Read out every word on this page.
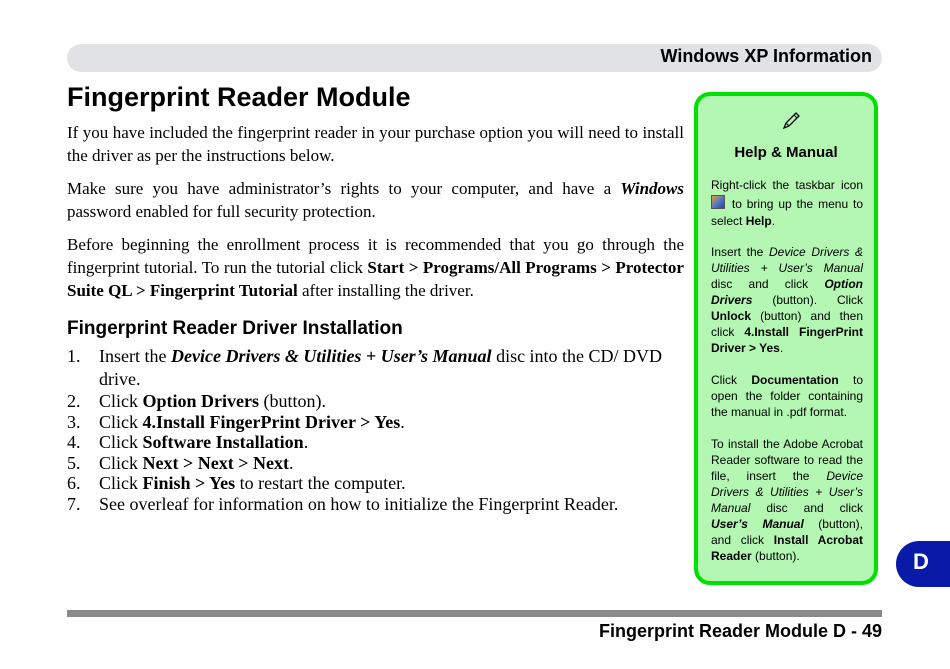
Windows XP Information
Fingerprint Reader Module

If you have included the fingerprint reader in your purchase option you will need to install the driver as per the instructions below.

Make sure you have administrator’s rights to your computer, and have a Windows password enabled for full security protection.

Before beginning the enrollment process it is recommended that you go through the fingerprint tutorial. To run the tutorial click Start > Programs/All Programs > Protector Suite QL > Fingerprint Tutorial after installing the driver.

Fingerprint Reader Driver Installation
1. Insert the Device Drivers & Utilities + User’s Manual disc into the CD/ DVD drive.
2. Click Option Drivers (button).
3. Click 4.Install FingerPrint Driver > Yes.
4. Click Software Installation.
5. Click Next > Next > Next.
6. Click Finish > Yes to restart the computer.
7. See overleaf for information on how to initialize the Fingerprint Reader.
Help & Manual

Right-click the taskbar icon  to bring up the menu to select Help.

Insert the Device Drivers & Utilities + User’s Manual disc and click Option Drivers (button). Click Unlock (button) and then click 4.Install FingerPrint Driver > Yes.

Click Documentation to open the folder containing the manual in .pdf format.

To install the Adobe Acrobat Reader software to read the file, insert the Device Drivers & Utilities + User’s Manual disc and click User’s Manual (button), and click Install Acrobat Reader (button).	D
Fingerprint Reader Module D - 49
